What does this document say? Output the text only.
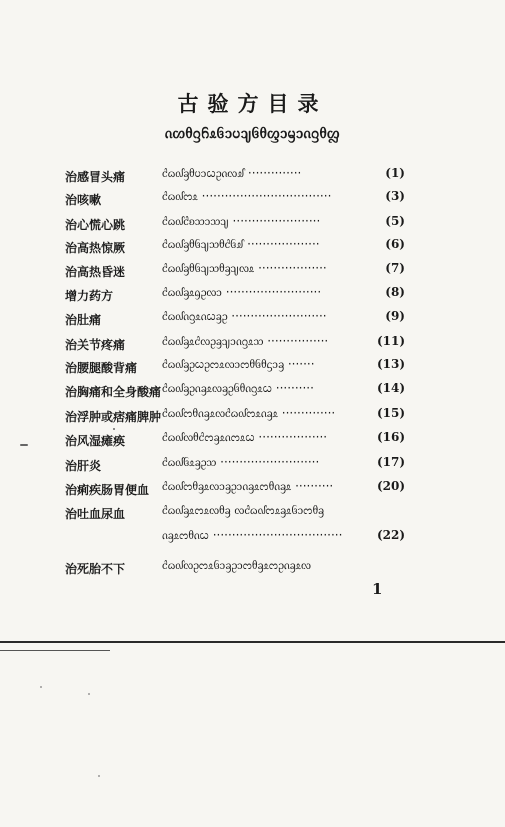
古验方目录
ᦵᦠᦲᦋᦆᦸᦑᦱᦢᦻᦑᦲᦐᦱᦙᦱᦵᦋᦲᦜ
治感冒头痛	ᦺᦒ᧞ᦃᦲᦢᦱᦍᦳᦵᦟᦾ ··············	(1)
治咳嗽	ᦺᦒ᧞ᦂᦸ ··································	(3)
治心慌心跳	ᦺᦒ᧞ᦺᦈᦉᦱᦉᦻ ·······················	(5)
治高热惊厥	ᦺᦒ᧞ᦃᦲᦑᦻᦉᦲᦺᦑᦾ ···················	(6)
治高热昏迷	ᦺᦒ᧞ᦃᦲᦑᦻᦉᦲᦃᦻᦟᦸ ··················	(7)
增力药方	ᦺᦒ᧞ᦃᦸᦇᦳᦟᦱ ·························	(8)
治肚痛	ᦺᦒ᧞ᦵᦋᦸᦵᦍᦃᦳ ·························	(9)
治关节疼痛	ᦺᦒ᧞ᦃᦸᦺᦟᦳᦃᦻᦱᦵᦋᦸᦉ ················	(11)
治腰腿酸背痛 ᦺᦒ᧞ᦃᦳᦍᦳᦂᦸᦟᦱᦂᦲᦑᦲᦓᦱᦃ ·······	(13)
治胸痛和全身酸痛 ᦺᦒ᧞ᦃᦳᦵᦃᦸᦟᦃᦳᦑᦲᦵᦋᦸᦍ ··········	(14)
治浮肿或痞痛脾肿 ᦺᦒ᧞ᦂᦲᦵᦃᦸᦟᦺᦒ᧞ᦂᦸᦵᦃᦸ ··············	(15)
治风湿瘫痪	ᦺᦒ᧞ᦟᦲᦺᦂᦃᦸᦵᦂᦸᦍ ··················	(16)
治肝炎	ᦺᦒ᧞ᦑᦸᦃᦳᦉ ··························	(17)
治痢疾肠胃便血 ᦺᦒ᧞ᦂᦲᦃᦸᦟᦱᦃᦳᦱᦵᦃᦸᦂᦲᦵᦃᦸ ··········	(20)
治吐血尿血	ᦺᦒ᧞ᦃᦸᦂᦸᦟᦲᦃ ᦟᦺᦒ᧞ᦂᦸᦃᦸᦑᦱᦂᦲᦃ
ᦵᦃᦸᦂᦲᦵᦍ ··································	(22)
治死胎不下	ᦺᦒ᧞ᦟᦳᦂᦸᦑᦱᦃᦳᦱᦂᦲᦃᦸᦂᦳᦵᦃᦸᦟ
1
